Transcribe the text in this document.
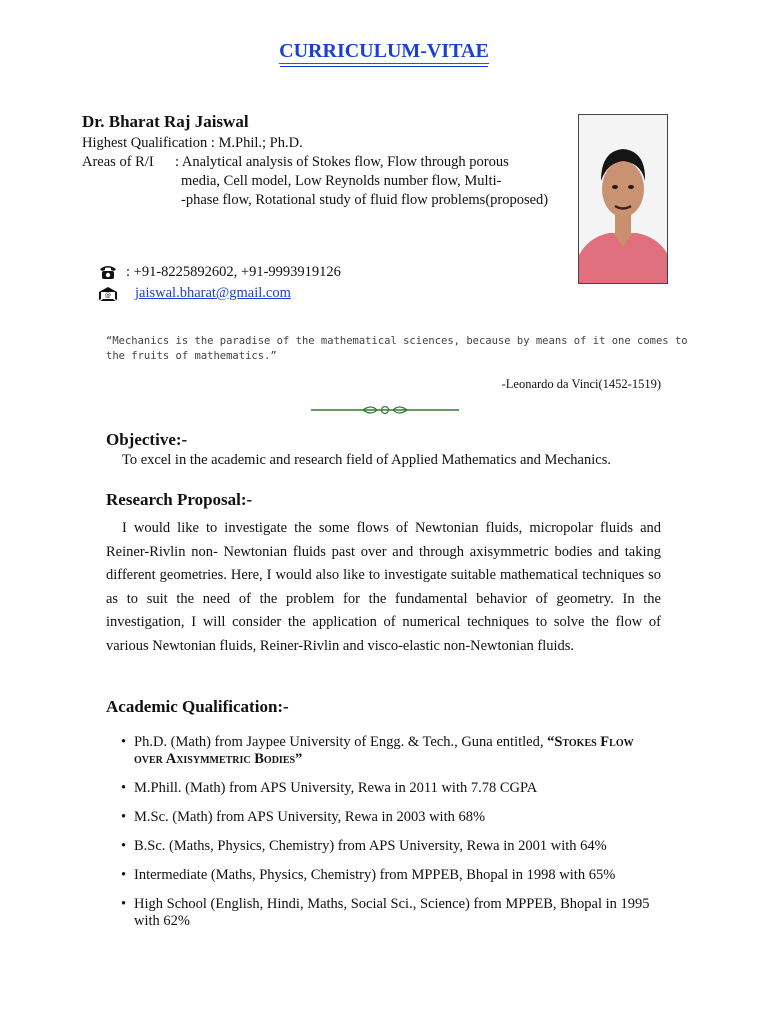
CURRICULUM-VITAE
Dr. Bharat Raj Jaiswal
Highest Qualification : M.Phil.; Ph.D.
Areas of R/I : Analytical analysis of Stokes flow, Flow through porous
media, Cell model, Low Reynolds number flow, Multi-
-phase flow, Rotational study of fluid flow problems(proposed)
: +91-8225892602, +91-9993919126
@ jaiswal.bharat@gmail.com
“Mechanics is the paradise of the mathematical sciences, because by means of it one comes to the fruits of mathematics.”
-Leonardo da Vinci(1452-1519)
Objective:-
To excel in the academic and research field of Applied Mathematics and Mechanics.
Research Proposal:-
I would like to investigate the some flows of Newtonian fluids, micropolar fluids and Reiner-Rivlin non- Newtonian fluids past over and through axisymmetric bodies and taking different geometries. Here, I would also like to investigate suitable mathematical techniques so as to suit the need of the problem for the fundamental behavior of geometry. In the investigation, I will consider the application of numerical techniques to solve the flow of various Newtonian fluids, Reiner-Rivlin and visco-elastic non-Newtonian fluids.
Academic Qualification:-
• Ph.D. (Math) from Jaypee University of Engg. & Tech., Guna entitled, “Stokes Flow over Axisymmetric Bodies”
• M.Phill. (Math) from APS University, Rewa in 2011 with 7.78 CGPA
• M.Sc. (Math) from APS University, Rewa in 2003 with 68%
• B.Sc. (Maths, Physics, Chemistry) from APS University, Rewa in 2001 with 64%
• Intermediate (Maths, Physics, Chemistry) from MPPEB, Bhopal in 1998 with 65%
• High School (English, Hindi, Maths, Social Sci., Science) from MPPEB, Bhopal in 1995 with 62%
